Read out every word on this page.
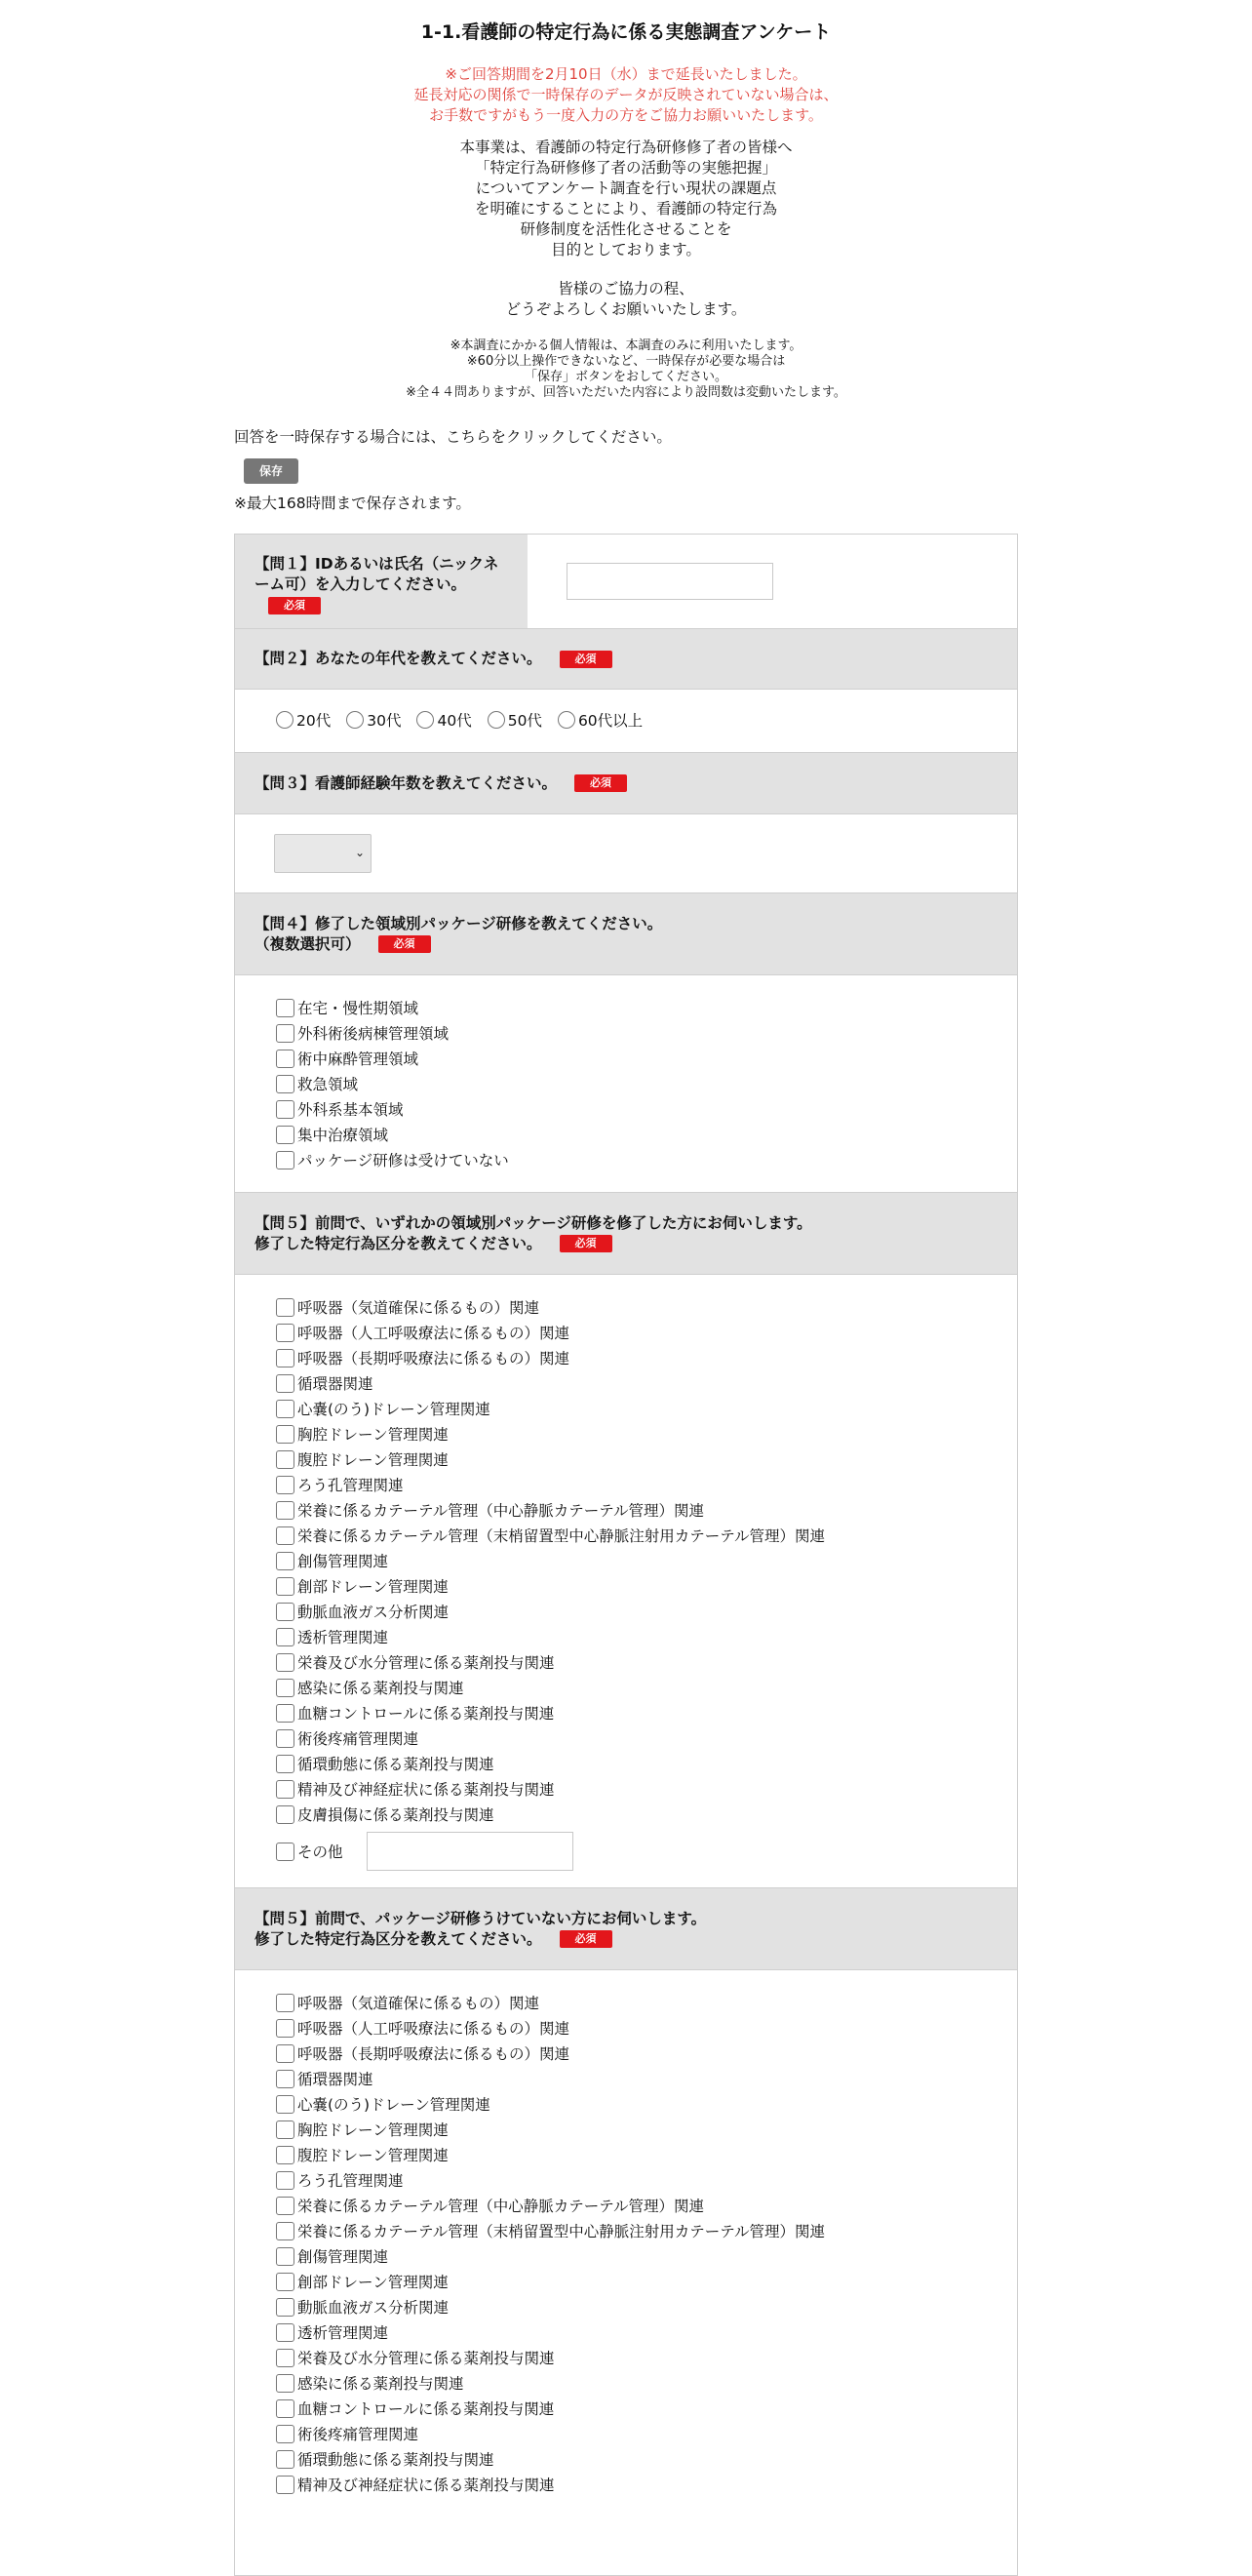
1-1.看護師の特定行為に係る実態調査アンケート
※ご回答期間を2月10日（水）まで延長いたしました。
延長対応の関係で一時保存のデータが反映されていない場合は、
お手数ですがもう一度入力の方をご協力お願いいたします。
本事業は、看護師の特定行為研修修了者の皆様へ
「特定行為研修修了者の活動等の実態把握」
についてアンケート調査を行い現状の課題点
を明確にすることにより、看護師の特定行為
研修制度を活性化させることを
目的としております。
皆様のご協力の程、
どうぞよろしくお願いいたします。
※本調査にかかる個人情報は、本調査のみに利用いたします。
※60分以上操作できないなど、一時保存が必要な場合は
「保存」ボタンをおしてください。
※全４４問ありますが、回答いただいた内容により設問数は変動いたします。
回答を一時保存する場合には、こちらをクリックしてください。
保存
※最大168時間まで保存されます。
【問１】IDあるいは氏名（ニックネ
ーム可）を入力してください。
必須
【問２】あなたの年代を教えてください。	必須
20代 30代 40代 50代 60代以上
【問３】看護師経験年数を教えてください。	必須
⌄
【問４】修了した領域別パッケージ研修を教えてください。
（複数選択可）	必須
在宅・慢性期領域
外科術後病棟管理領域
術中麻酔管理領域
救急領域
外科系基本領域
集中治療領域
パッケージ研修は受けていない
【問５】前問で、いずれかの領域別パッケージ研修を修了した方にお伺いします。
修了した特定行為区分を教えてください。	必須
呼吸器（気道確保に係るもの）関連
呼吸器（人工呼吸療法に係るもの）関連
呼吸器（長期呼吸療法に係るもの）関連
循環器関連
心嚢(のう)ドレーン管理関連
胸腔ドレーン管理関連
腹腔ドレーン管理関連
ろう孔管理関連
栄養に係るカテーテル管理（中心静脈カテーテル管理）関連
栄養に係るカテーテル管理（末梢留置型中心静脈注射用カテーテル管理）関連
創傷管理関連
創部ドレーン管理関連
動脈血液ガス分析関連
透析管理関連
栄養及び水分管理に係る薬剤投与関連
感染に係る薬剤投与関連
血糖コントロールに係る薬剤投与関連
術後疼痛管理関連
循環動態に係る薬剤投与関連
精神及び神経症状に係る薬剤投与関連
皮膚損傷に係る薬剤投与関連
その他
【問５】前問で、パッケージ研修うけていない方にお伺いします。
修了した特定行為区分を教えてください。	必須
呼吸器（気道確保に係るもの）関連
呼吸器（人工呼吸療法に係るもの）関連
呼吸器（長期呼吸療法に係るもの）関連
循環器関連
心嚢(のう)ドレーン管理関連
胸腔ドレーン管理関連
腹腔ドレーン管理関連
ろう孔管理関連
栄養に係るカテーテル管理（中心静脈カテーテル管理）関連
栄養に係るカテーテル管理（末梢留置型中心静脈注射用カテーテル管理）関連
創傷管理関連
創部ドレーン管理関連
動脈血液ガス分析関連
透析管理関連
栄養及び水分管理に係る薬剤投与関連
感染に係る薬剤投与関連
血糖コントロールに係る薬剤投与関連
術後疼痛管理関連
循環動態に係る薬剤投与関連
精神及び神経症状に係る薬剤投与関連
